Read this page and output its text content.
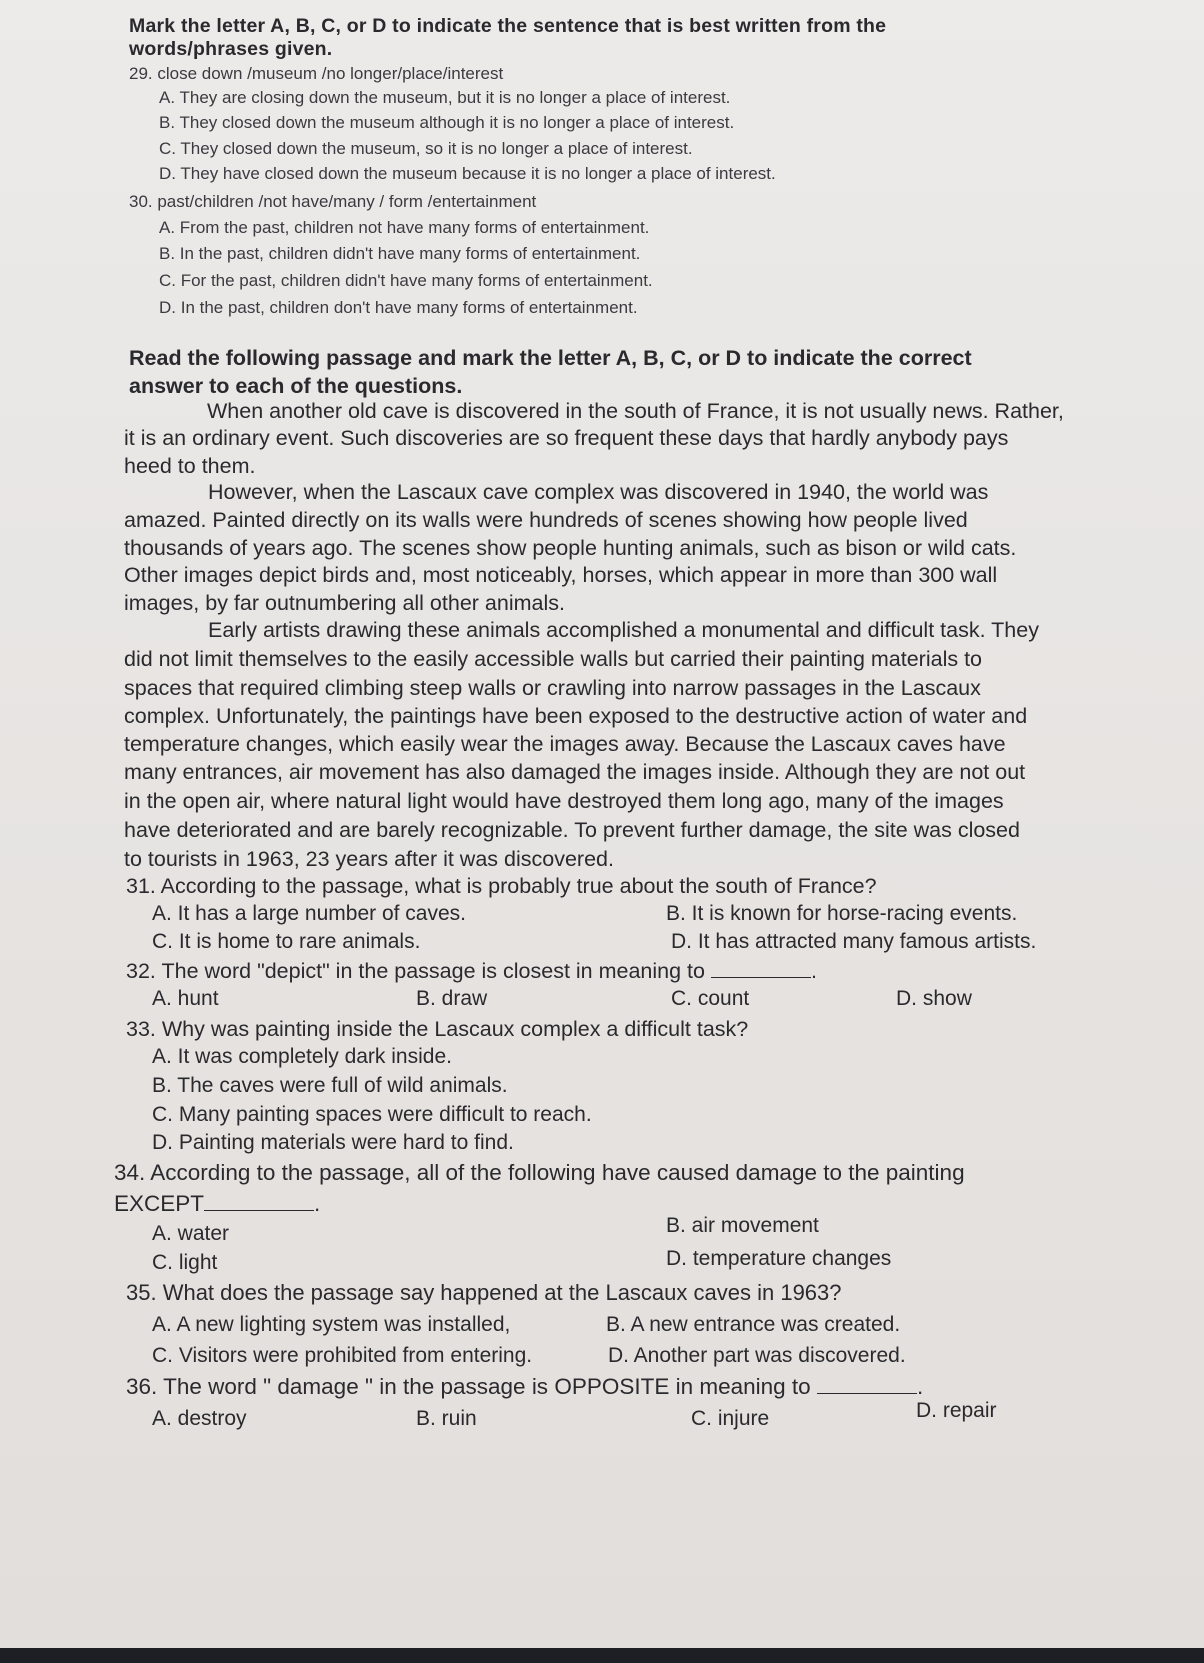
Mark the letter A, B, C, or D to indicate the sentence that is best written from the
words/phrases given.
29. close down /museum /no longer/place/interest
A. They are closing down the museum, but it is no longer a place of interest.
B. They closed down the museum although it is no longer a place of interest.
C. They closed down the museum, so it is no longer a place of interest.
D. They have closed down the museum because it is no longer a place of interest.
30. past/children /not have/many / form /entertainment
A. From the past, children not have many forms of entertainment.
B. In the past, children didn't have many forms of entertainment.
C. For the past, children didn't have many forms of entertainment.
D. In the past, children don't have many forms of entertainment.
Read the following passage and mark the letter A, B, C, or D to indicate the correct
answer to each of the questions.
When another old cave is discovered in the south of France, it is not usually news. Rather,
it is an ordinary event. Such discoveries are so frequent these days that hardly anybody pays
heed to them.
However, when the Lascaux cave complex was discovered in 1940, the world was
amazed. Painted directly on its walls were hundreds of scenes showing how people lived
thousands of years ago. The scenes show people hunting animals, such as bison or wild cats.
Other images depict birds and, most noticeably, horses, which appear in more than 300 wall
images, by far outnumbering all other animals.
Early artists drawing these animals accomplished a monumental and difficult task. They
did not limit themselves to the easily accessible walls but carried their painting materials to
spaces that required climbing steep walls or crawling into narrow passages in the Lascaux
complex. Unfortunately, the paintings have been exposed to the destructive action of water and
temperature changes, which easily wear the images away. Because the Lascaux caves have
many entrances, air movement has also damaged the images inside. Although they are not out
in the open air, where natural light would have destroyed them long ago, many of the images
have deteriorated and are barely recognizable. To prevent further damage, the site was closed
to tourists in 1963, 23 years after it was discovered.
31. According to the passage, what is probably true about the south of France?
A. It has a large number of caves.	B. It is known for horse-racing events.
C. It is home to rare animals.	D. It has attracted many famous artists.
32. The word "depict" in the passage is closest in meaning to	.
A. hunt	B. draw	C. count	D. show
33. Why was painting inside the Lascaux complex a difficult task?
A. It was completely dark inside.
B. The caves were full of wild animals.
C. Many painting spaces were difficult to reach.
D. Painting materials were hard to find.
34. According to the passage, all of the following have caused damage to the painting
EXCEPT	.
A. water	B. air movement
C. light	D. temperature changes
35. What does the passage say happened at the Lascaux caves in 1963?
A. A new lighting system was installed,	B. A new entrance was created.
C. Visitors were prohibited from entering.	D. Another part was discovered.
36. The word " damage " in the passage is OPPOSITE in meaning to	.
A. destroy	B. ruin	C. injure	D. repair
